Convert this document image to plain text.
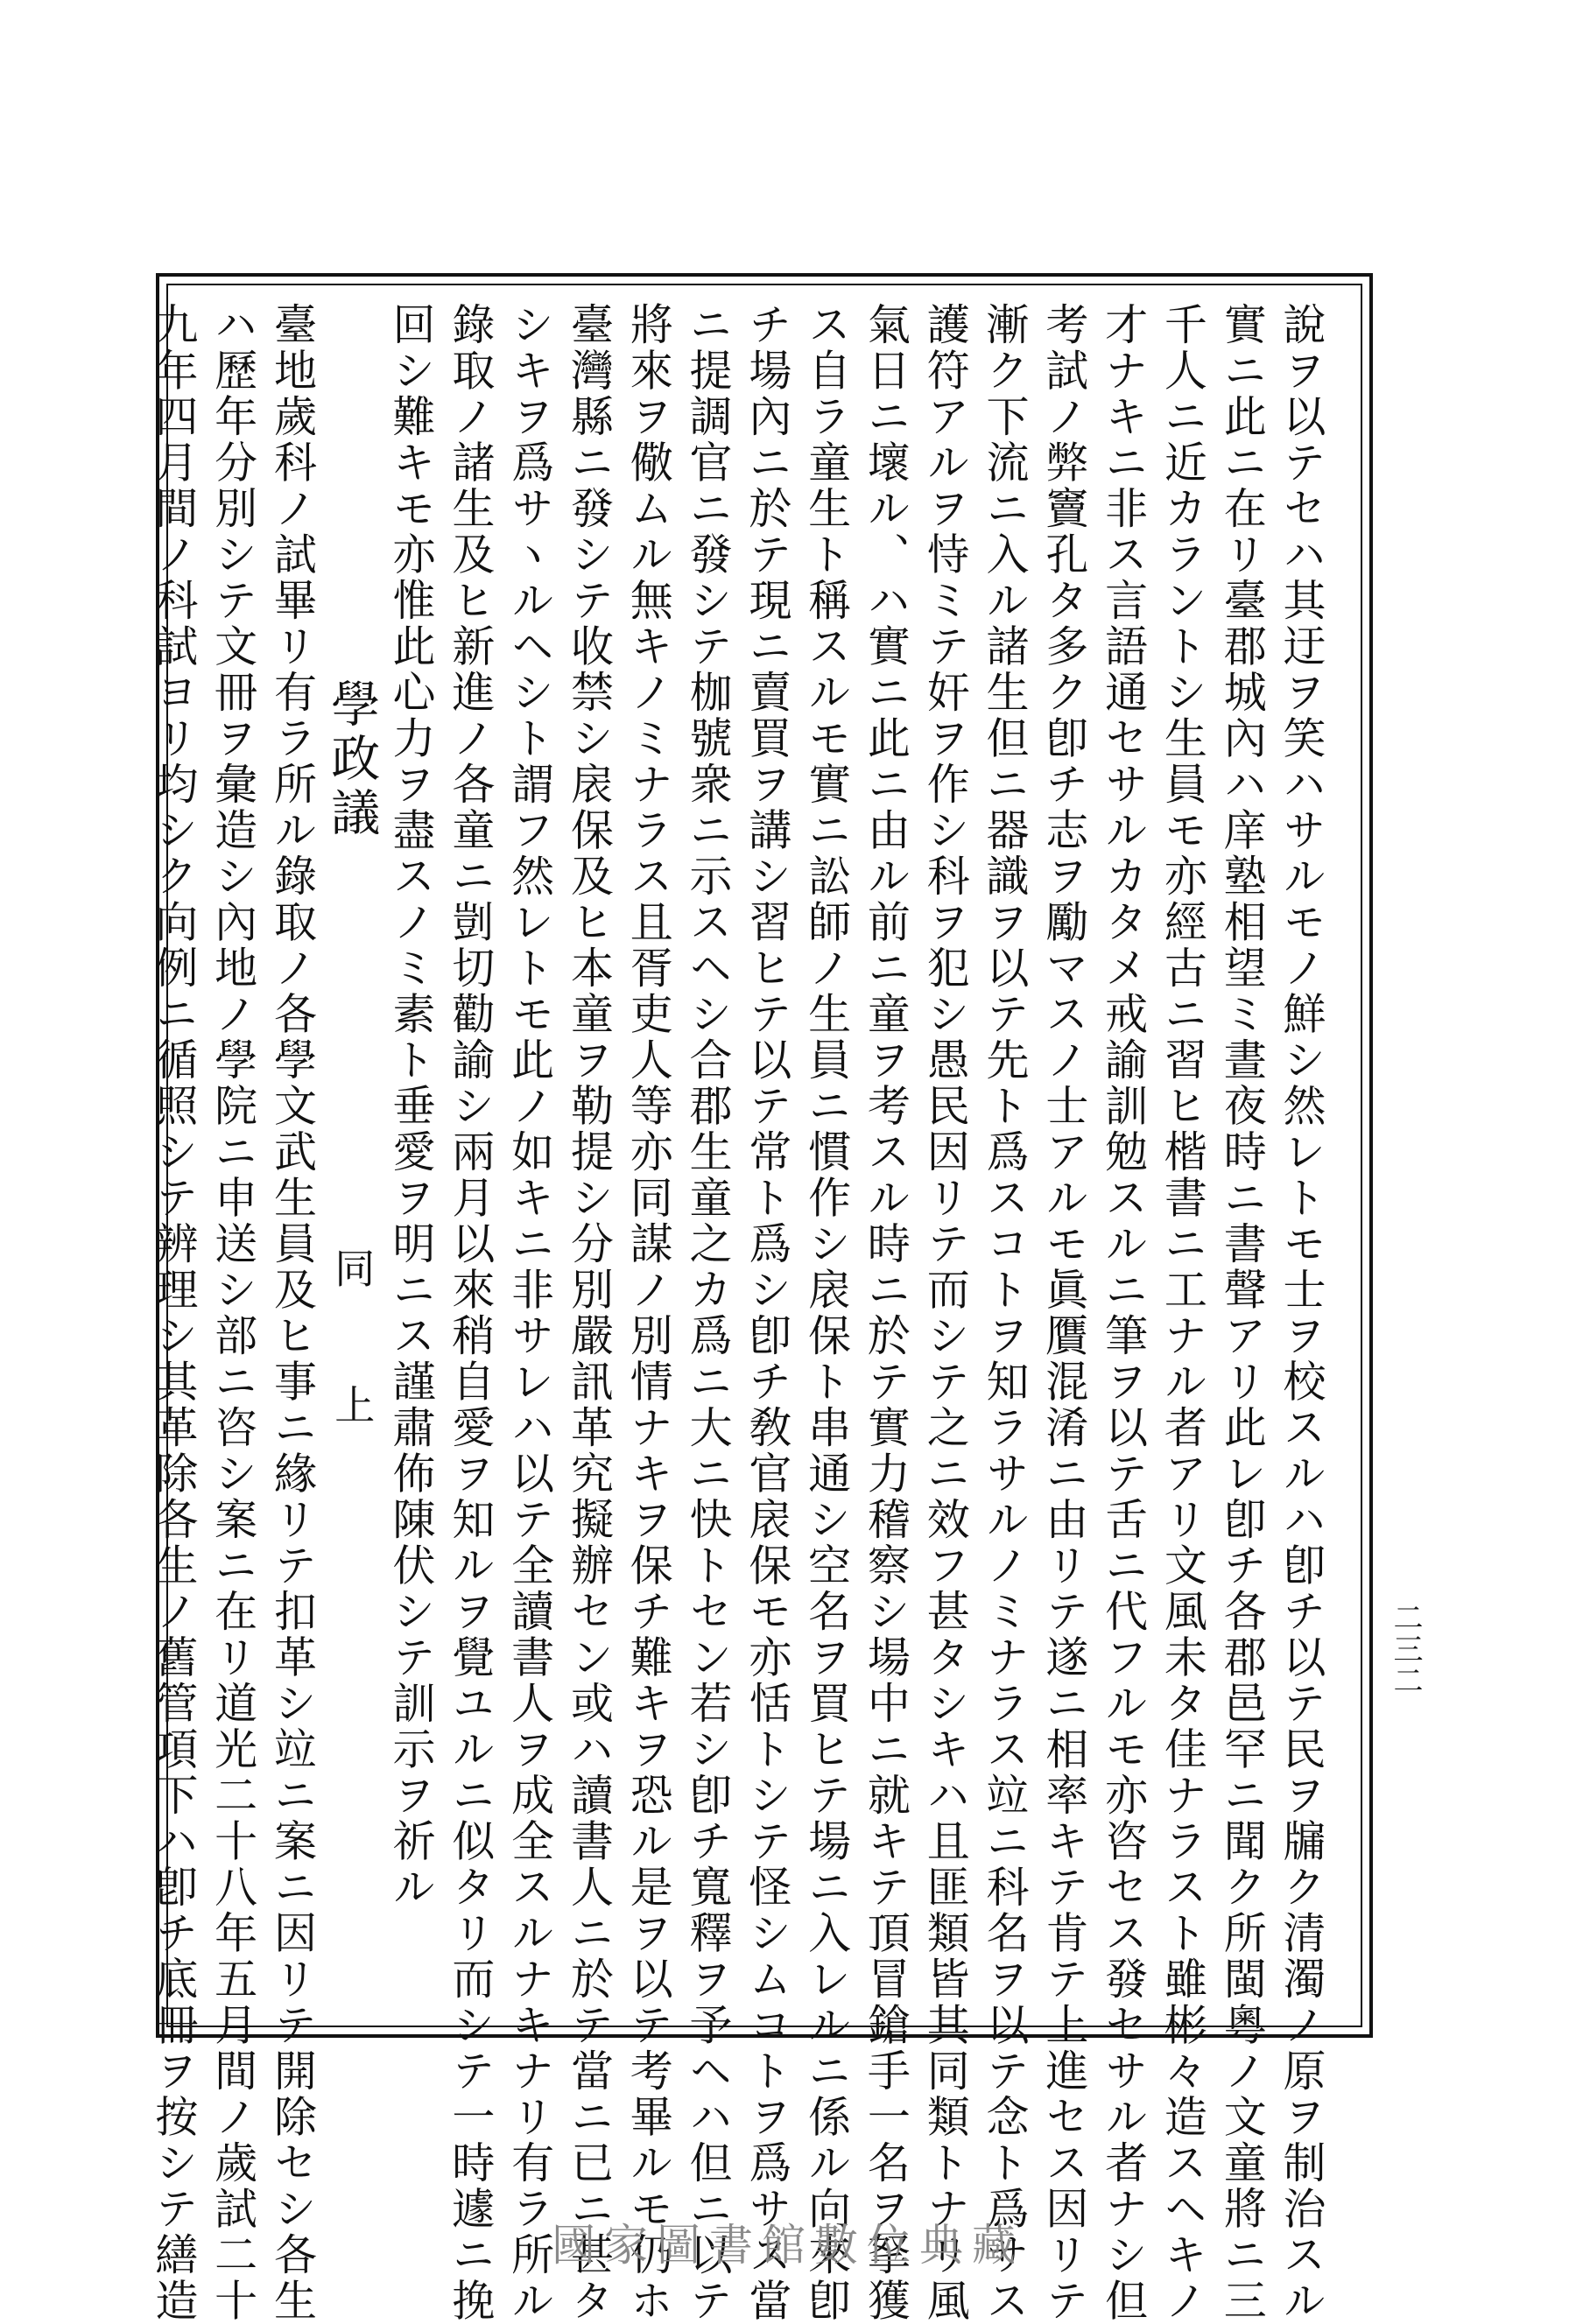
二三二
說ヲ以テセハ其迂ヲ笑ハサルモノ鮮シ然レトモ士ヲ校スルハ卽チ以テ民ヲ牖ク清濁ノ原ヲ制治スル
實ニ此ニ在リ臺郡城內ハ庠塾相望ミ晝夜時ニ書聲アリ此レ卽チ各郡邑罕ニ聞ク所閩粵ノ文童將ニ三
千人ニ近カラントシ生員モ亦經古ニ習ヒ楷書ニ工ナル者アリ文風未タ佳ナラスト雖彬々造スヘキノ
才ナキニ非ス言語通セサルカタメ戒諭訓勉スルニ筆ヲ以テ舌ニ代フルモ亦咨セス發セサル者ナシ但
考試ノ弊竇孔タ多ク卽チ志ヲ勵マスノ士アルモ眞贋混淆ニ由リテ遂ニ相率キテ肯テ上進セス因リテ
漸ク下流ニ入ル諸生但ニ器識ヲ以テ先ト爲スコトヲ知ラサルノミナラス竝ニ科名ヲ以テ念ト爲サス
護符アルヲ恃ミテ奸ヲ作シ科ヲ犯シ愚民因リテ而シテ之ニ效フ甚タシキハ且匪類皆其同類トナリ風
氣日ニ壞ル、ハ實ニ此ニ由ル前ニ童ヲ考スル時ニ於テ實力稽察シ場中ニ就キテ頂冒鎗手一名ヲ拏獲
ス自ラ童生ト稱スルモ實ニ訟師ノ生員ニ慣作シ扆保ト串通シ空名ヲ買ヒテ場ニ入レルニ係ル向來卽
チ場內ニ於テ現ニ賣買ヲ講シ習ヒテ以テ常ト爲シ卽チ敎官扆保モ亦恬トシテ怪シムコトヲ爲サス當
ニ提調官ニ發シテ枷號衆ニ示スヘシ合郡生童之カ爲ニ大ニ快トセン若シ卽チ寬釋ヲ予ヘハ但ニ以テ
將來ヲ儆ムル無キノミナラス且胥吏人等亦同謀ノ別情ナキヲ保チ難キヲ恐ル是ヲ以テ考畢ルモ仍ホ
臺灣縣ニ發シテ收禁シ扆保及ヒ本童ヲ勒提シ分別嚴訊革究擬辦セン或ハ讀書人ニ於テ當ニ已ニ甚タ
シキヲ爲サヽルヘシト謂フ然レトモ此ノ如キニ非サレハ以テ全讀書人ヲ成全スルナキナリ有ラ所ル
錄取ノ諸生及ヒ新進ノ各童ニ剴切勸諭シ兩月以來稍自愛ヲ知ルヲ覺ユルニ似タリ而シテ一時遽ニ挽
回シ難キモ亦惟此心力ヲ盡スノミ素ト垂愛ヲ明ニス謹肅佈陳伏シテ訓示ヲ祈ル
學政議
同上
臺地歲科ノ試畢リ有ラ所ル錄取ノ各學文武生員及ヒ事ニ緣リテ扣革シ竝ニ案ニ因リテ開除セシ各生
ハ歷年分別シテ文冊ヲ彙造シ內地ノ學院ニ申送シ部ニ咨シ案ニ在リ道光二十八年五月間ノ歲試二十
九年四月間ノ科試ヨリ均シク向例ニ循照シテ辨理シ其革除各生ノ舊管項下ハ卽チ底冊ヲ按シテ繕造	國家圖書館數位典藏
